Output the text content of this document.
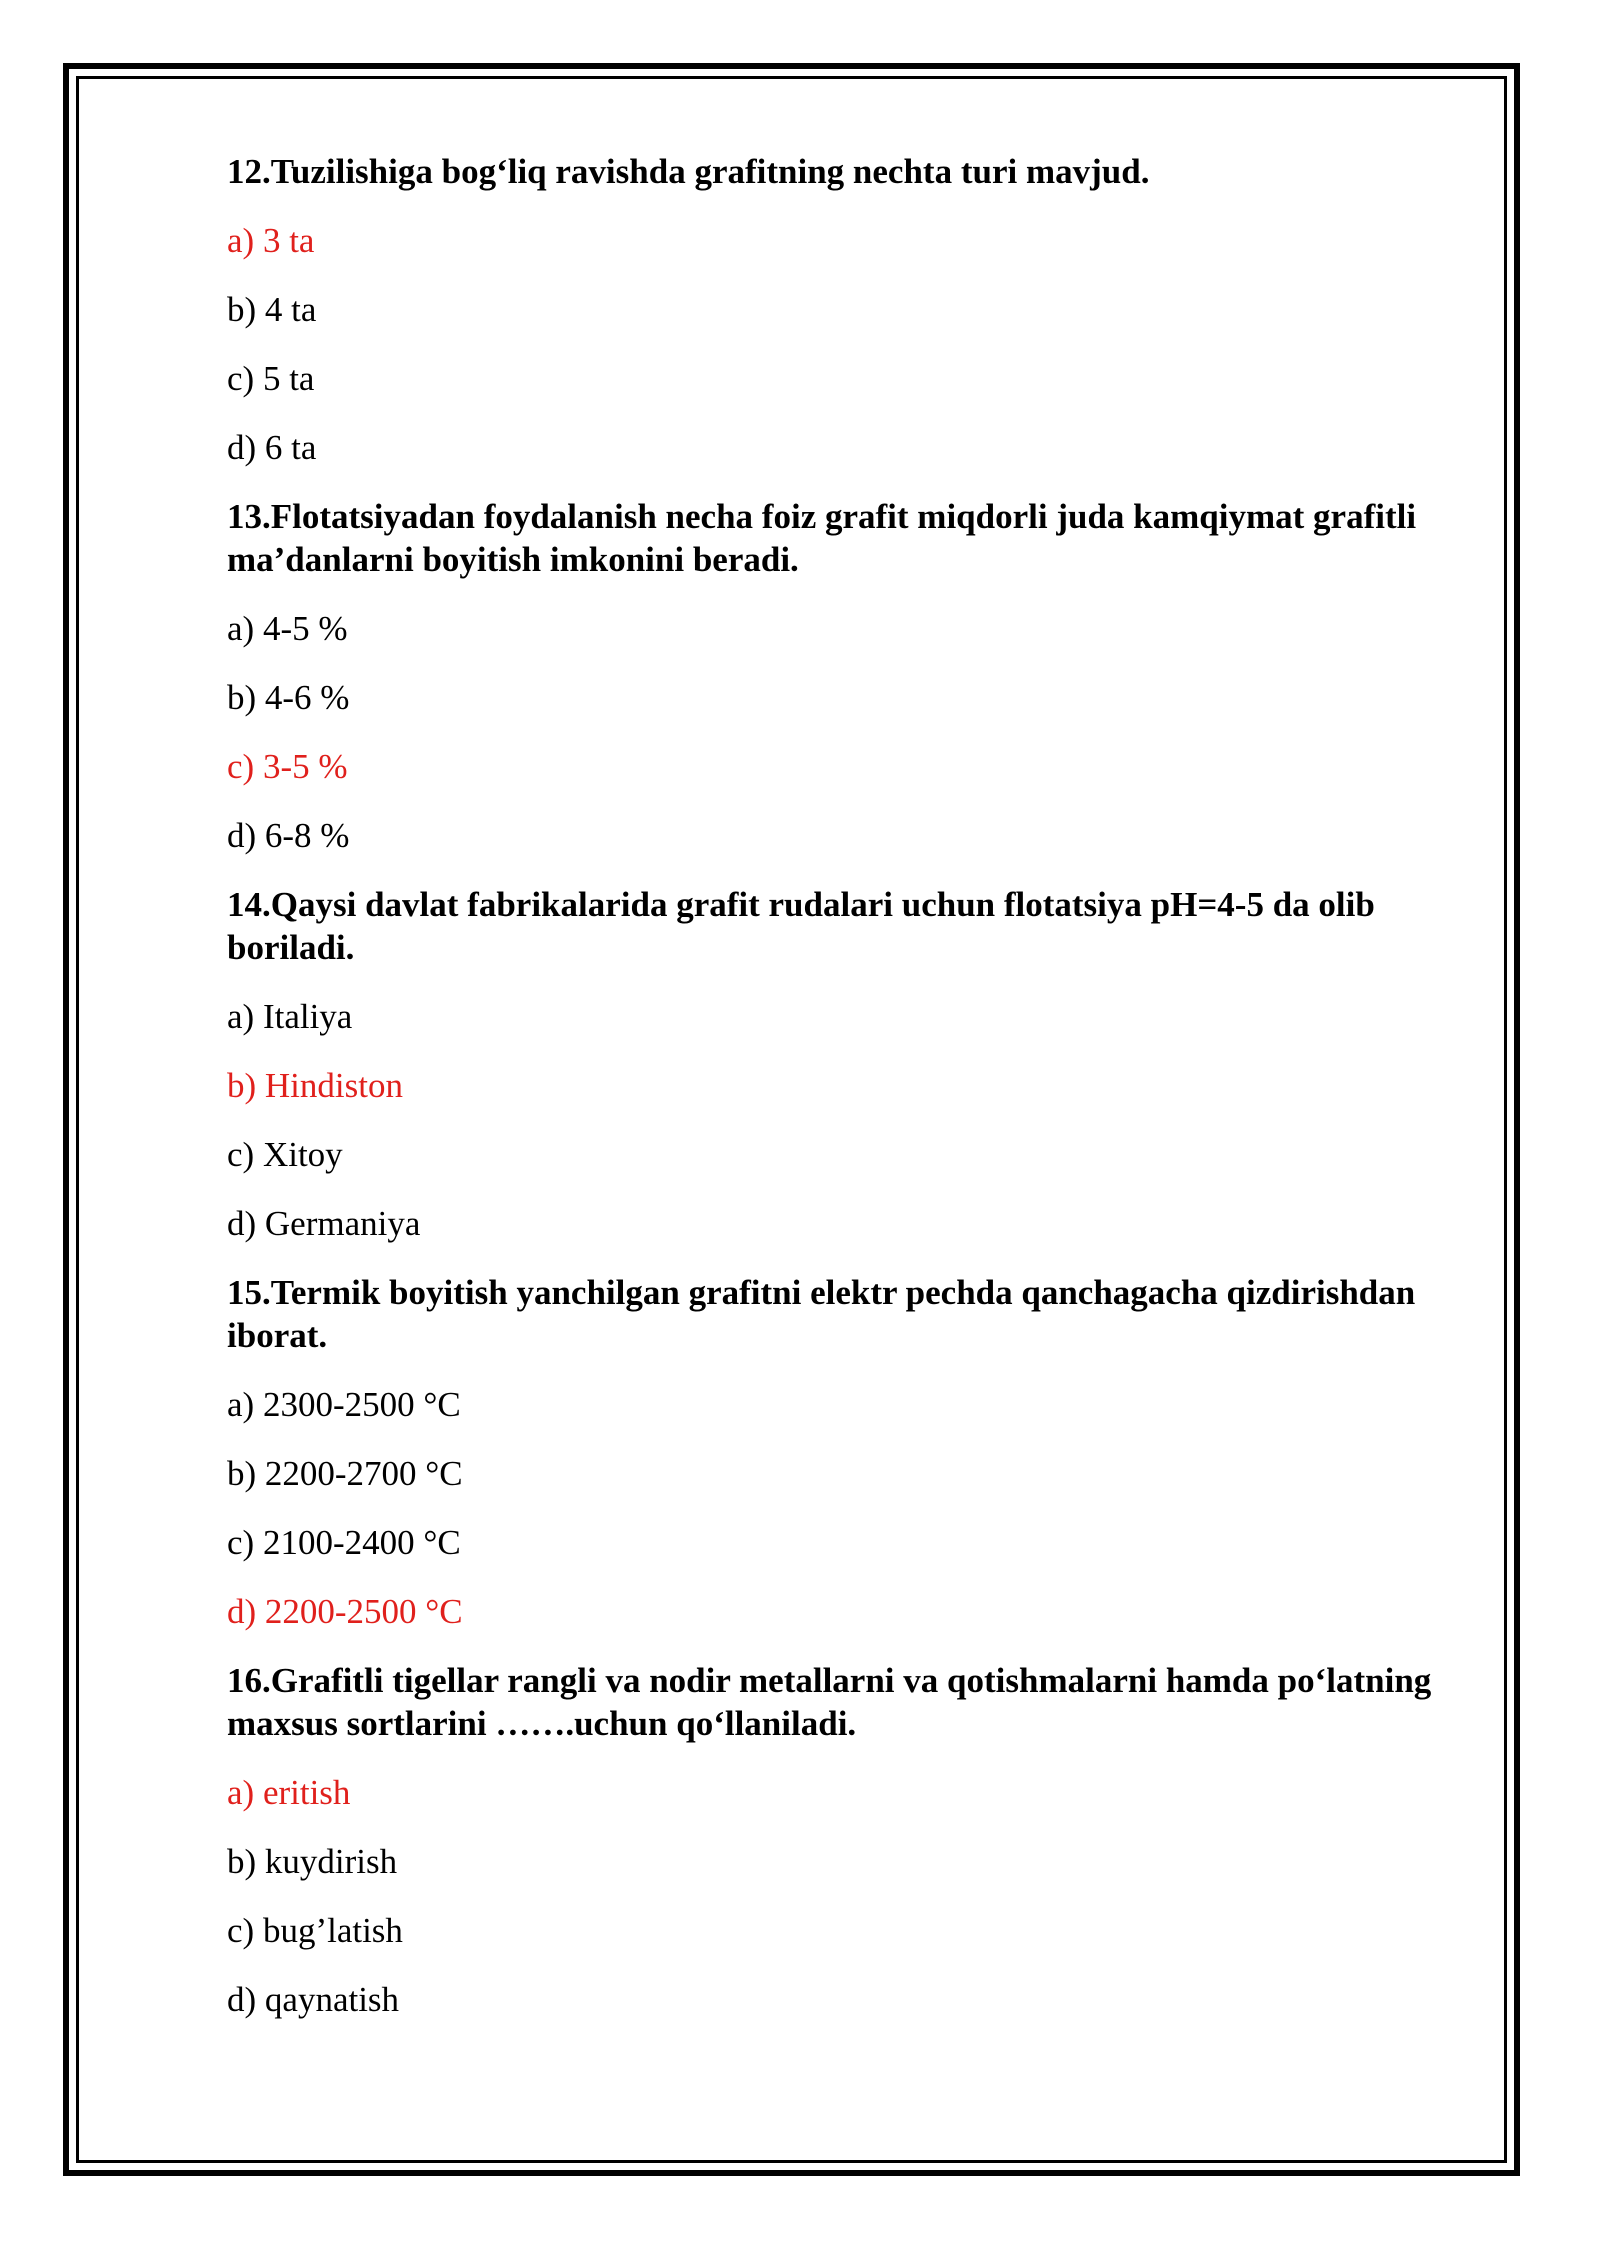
12.Tuzilishiga bog‘liq ravishda grafitning nechta turi mavjud.
a) 3 ta
b) 4 ta
c) 5 ta
d) 6 ta
13.Flotatsiyadan foydalanish necha foiz grafit miqdorli juda kamqiymat grafitli ma’danlarni boyitish imkonini beradi.
a) 4-5 %
b) 4-6 %
c) 3-5 %
d) 6-8 %
14.Qaysi davlat fabrikalarida grafit rudalari uchun flotatsiya pH=4-5 da olib boriladi.
a) Italiya
b) Hindiston
c) Xitoy
d) Germaniya
15.Termik boyitish yanchilgan grafitni elektr pechda qanchagacha qizdirishdan iborat.
a) 2300-2500 °C
b) 2200-2700 °C
c) 2100-2400 °C
d) 2200-2500 °C
16.Grafitli tigellar rangli va nodir metallarni va qotishmalarni hamda po‘latning maxsus sortlarini …….uchun qo‘llaniladi.
a) eritish
b) kuydirish
c) bug’latish
d) qaynatish
